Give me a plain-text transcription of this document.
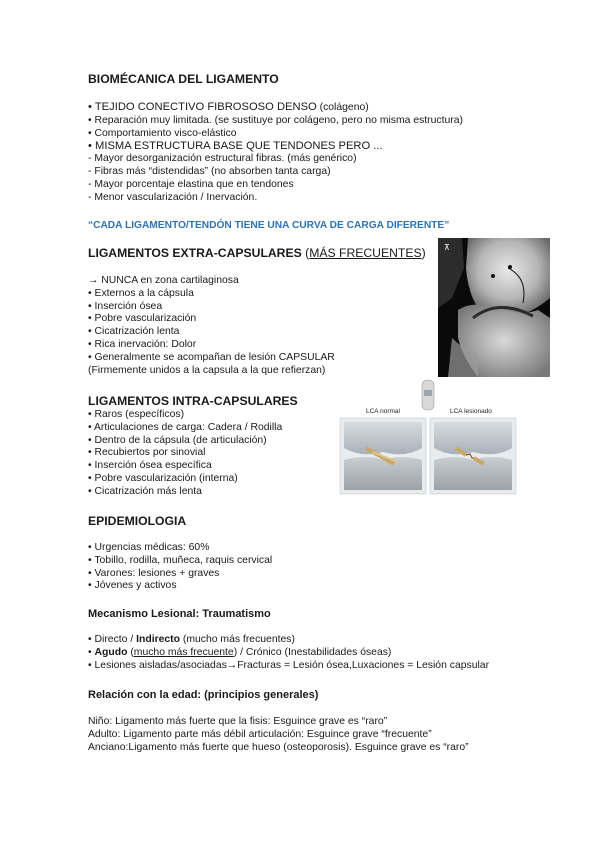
BIOMÉCANICA DEL LIGAMENTO
• TEJIDO CONECTIVO FIBROSOSO DENSO (colágeno)
• Reparación muy limitada. (se sustituye por colágeno, pero no misma estructura)
• Comportamiento visco-elástico
• MISMA ESTRUCTURA BASE QUE TENDONES PERO ...
- Mayor desorganización estructural fibras. (más genérico)
- Fibras más “distendidas” (no absorben tanta carga)
- Mayor porcentaje elastina que en tendones
- Menor vascularización / Inervación.
“CADA LIGAMENTO/TENDÓN TIENE UNA CURVA DE CARGA DIFERENTE”
LIGAMENTOS EXTRA-CAPSULARES (MÁS FRECUENTES)
→ NUNCA en zona cartilaginosa
• Externos a la cápsula
• Inserción ósea
• Pobre vascularización
• Cicatrización lenta
• Rica inervación: Dolor
• Generalmente se acompañan de lesión CAPSULAR
(Firmemente unidos a la capsula a la que refierzan)
⊼
LIGAMENTOS INTRA-CAPSULARES
• Raros (específicos)
• Articulaciones de carga: Cadera / Rodilla
• Dentro de la cápsula (de articulación)
• Recubiertos por sinovial
• Inserción ósea específica
• Pobre vascularización (interna)
• Cicatrización más lenta
LCA normal	LCA lesionado
EPIDEMIOLOGIA
• Urgencias médicas: 60%
• Tobillo, rodilla, muñeca, raquis cervical
• Varones: lesiones + graves
• Jóvenes y activos
Mecanismo Lesional: Traumatismo
• Directo / Indirecto (mucho más frecuentes)
• Agudo (mucho más frecuente) / Crónico (Inestabilidades óseas)
• Lesiones aisladas/asociadas→Fracturas = Lesión ósea,Luxaciones = Lesión capsular
Relación con la edad: (principios generales)
Niño: Ligamento más fuerte que la fisis: Esguince grave es “raro”
Adulto: Ligamento parte más débil articulación: Esguince grave “frecuente”
Anciano:Ligamento más fuerte que hueso (osteoporosis). Esguince grave es “raro”
